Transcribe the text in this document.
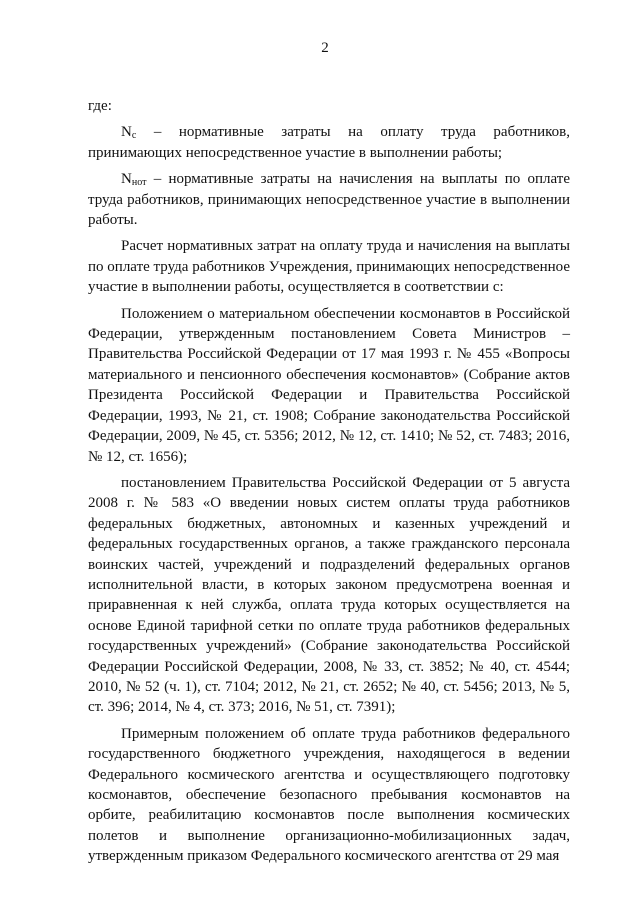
2

где:

$N_с$ – нормативные затраты на оплату труда работников, принимающих непосредственное участие в выполнении работы;

$N_{нот}$ – нормативные затраты на начисления на выплаты по оплате труда работников, принимающих непосредственное участие в выполнении работы.

Расчет нормативных затрат на оплату труда и начисления на выплаты по оплате труда работников Учреждения, принимающих непосредственное участие в выполнении работы, осуществляется в соответствии с:

Положением о материальном обеспечении космонавтов в Российской Федерации, утвержденным постановлением Совета Министров – Правительства Российской Федерации от 17 мая 1993 г. № 455 «Вопросы материального и пенсионного обеспечения космонавтов» (Собрание актов Президента Российской Федерации и Правительства Российской Федерации, 1993, № 21, ст. 1908; Собрание законодательства Российской Федерации, 2009, № 45, ст. 5356; 2012, № 12, ст. 1410; № 52, ст. 7483; 2016, № 12, ст. 1656);

постановлением Правительства Российской Федерации от 5 августа 2008 г. № 583 «О введении новых систем оплаты труда работников федеральных бюджетных, автономных и казенных учреждений и федеральных государственных органов, а также гражданского персонала воинских частей, учреждений и подразделений федеральных органов исполнительной власти, в которых законом предусмотрена военная и приравненная к ней служба, оплата труда которых осуществляется на основе Единой тарифной сетки по оплате труда работников федеральных государственных учреждений» (Собрание законодательства Российской Федерации Российской Федерации, 2008, № 33, ст. 3852; № 40, ст. 4544; 2010, № 52 (ч. 1), ст. 7104; 2012, № 21, ст. 2652; № 40, ст. 5456; 2013, № 5, ст. 396; 2014, № 4, ст. 373; 2016, № 51, ст. 7391);

Примерным положением об оплате труда работников федерального государственного бюджетного учреждения, находящегося в ведении Федерального космического агентства и осуществляющего подготовку космонавтов, обеспечение безопасного пребывания космонавтов на орбите, реабилитацию космонавтов после выполнения космических полетов и выполнение организационно-мобилизационных задач, утвержденным приказом Федерального космического агентства от 29 мая
